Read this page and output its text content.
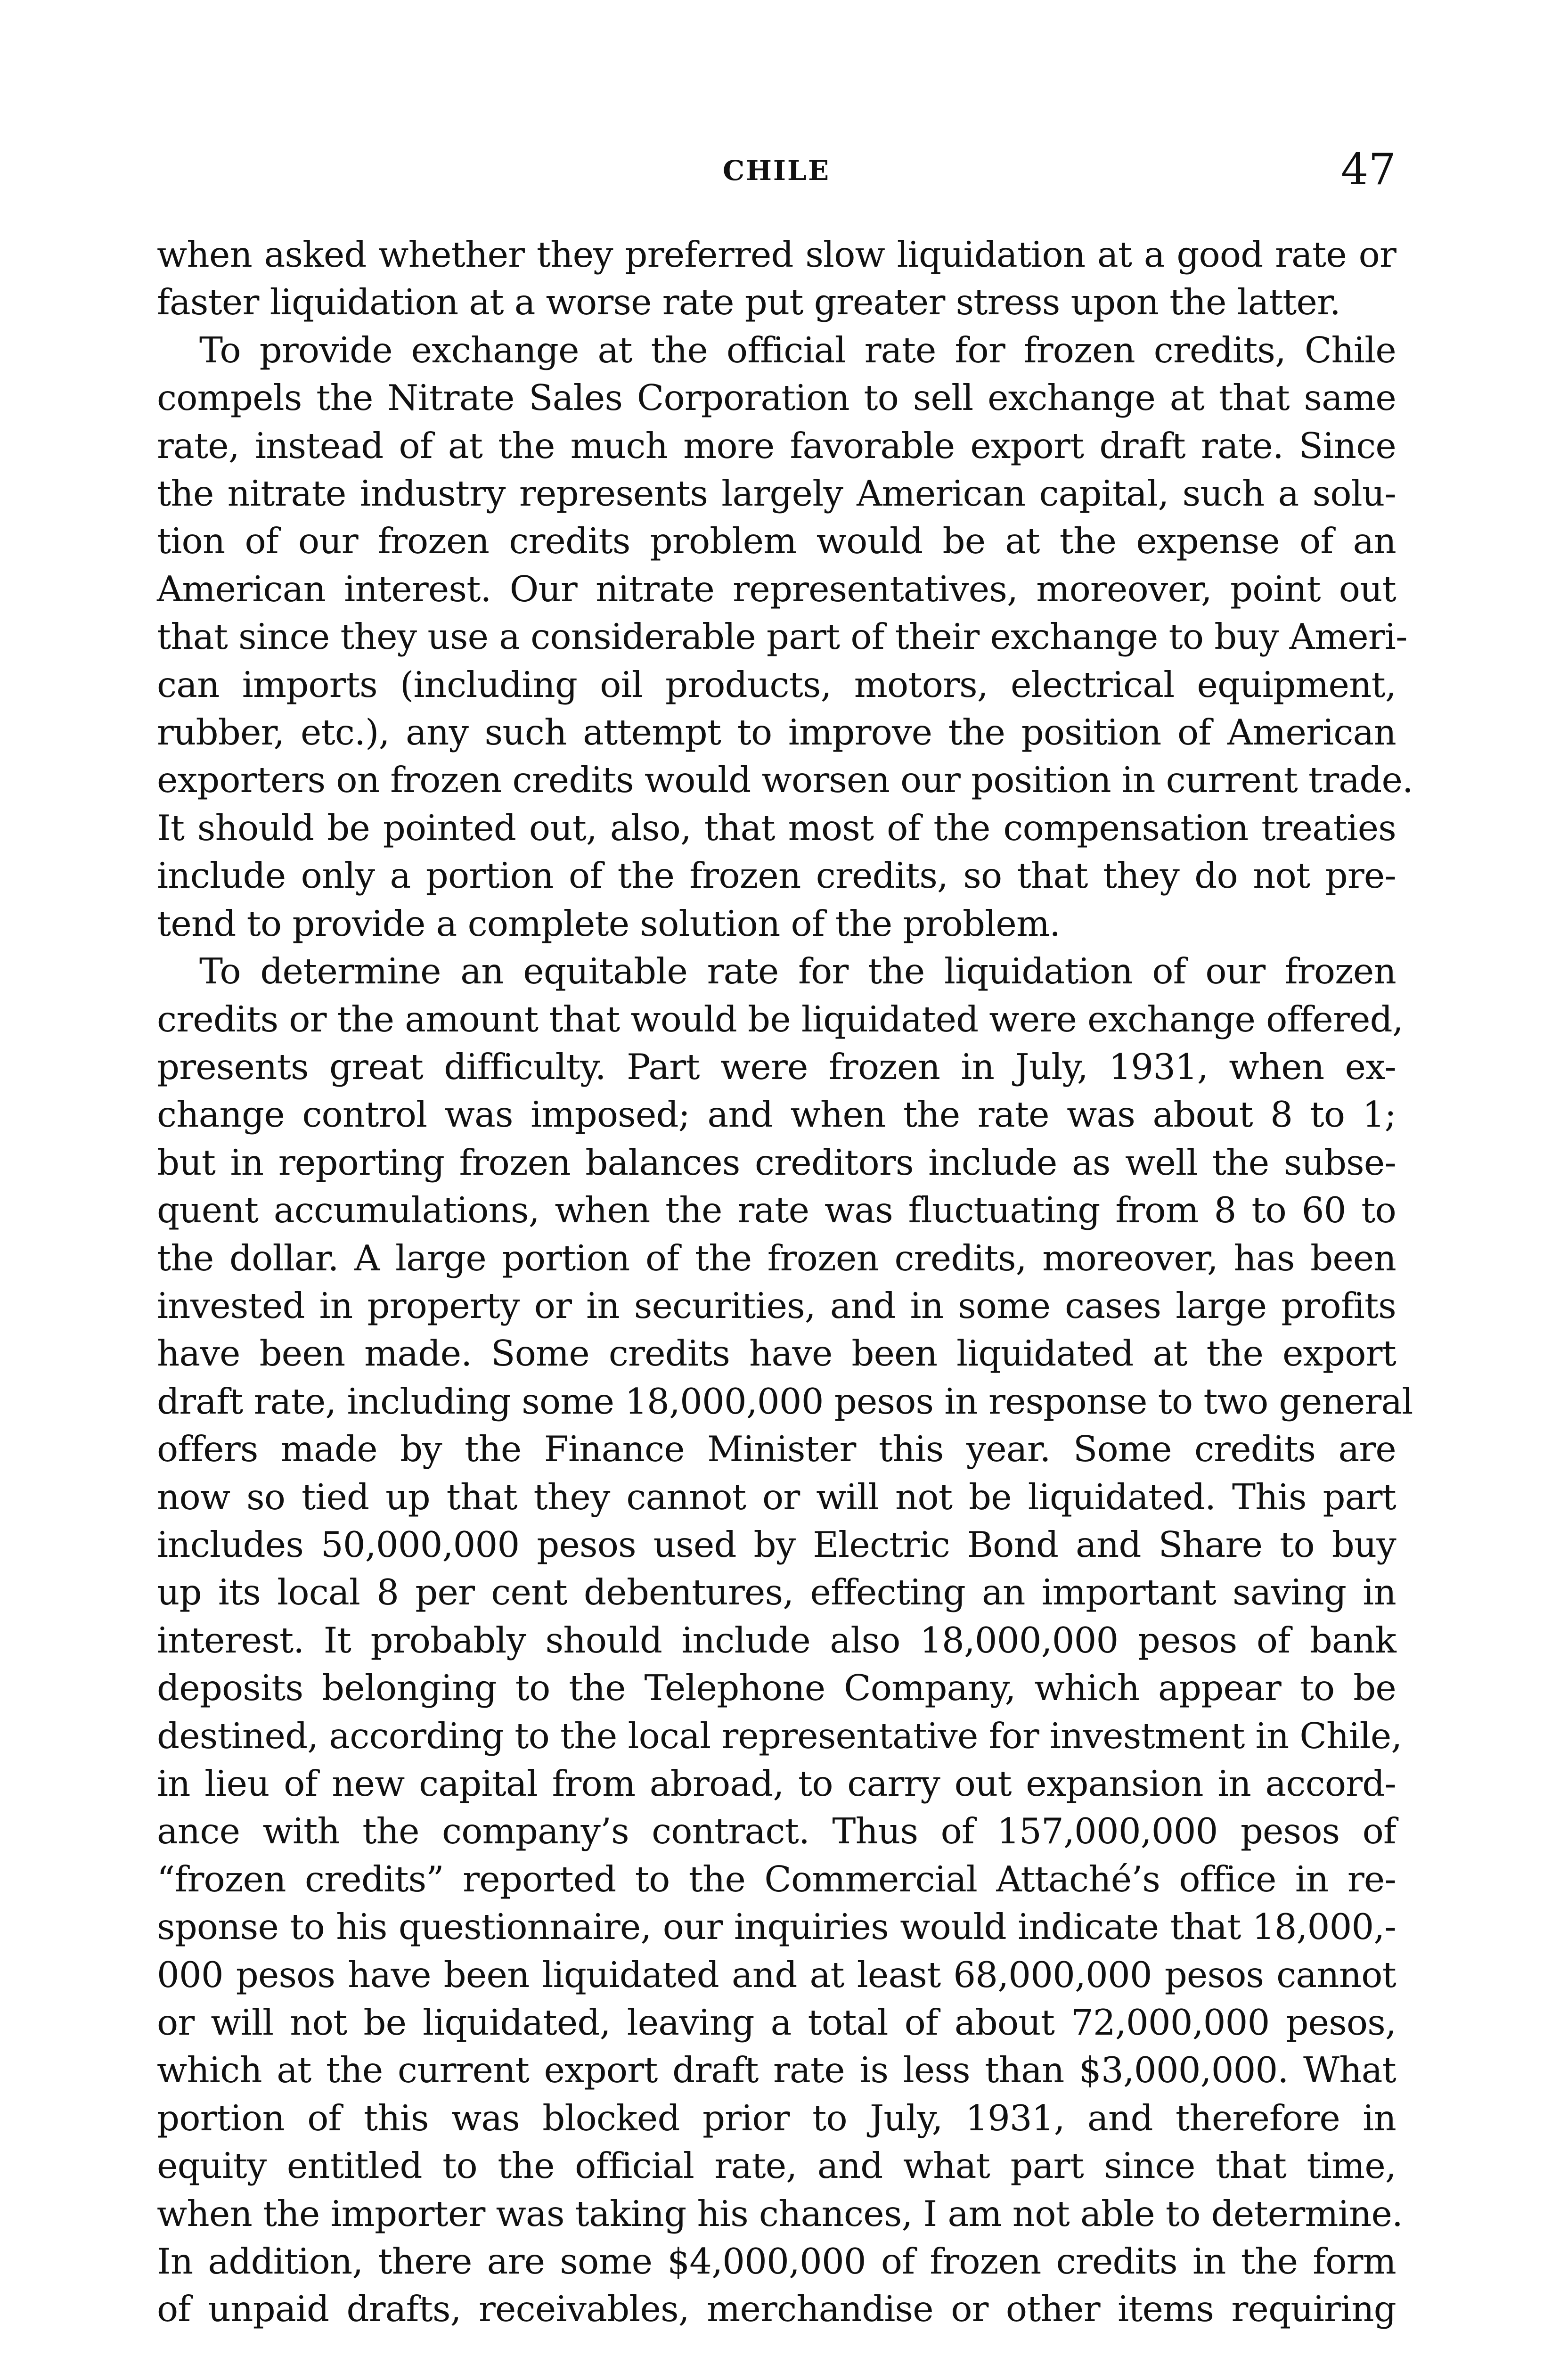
CHILE	47

when asked whether they preferred slow liquidation at a good rate or
faster liquidation at a worse rate put greater stress upon the latter.

To provide exchange at the official rate for frozen credits, Chile
compels the Nitrate Sales Corporation to sell exchange at that same
rate, instead of at the much more favorable export draft rate. Since
the nitrate industry represents largely American capital, such a solu-
tion of our frozen credits problem would be at the expense of an
American interest. Our nitrate representatives, moreover, point out
that since they use a considerable part of their exchange to buy Ameri-
can imports (including oil products, motors, electrical equipment,
rubber, etc.), any such attempt to improve the position of American
exporters on frozen credits would worsen our position in current trade.
It should be pointed out, also, that most of the compensation treaties
include only a portion of the frozen credits, so that they do not pre-
tend to provide a complete solution of the problem.

To determine an equitable rate for the liquidation of our frozen
credits or the amount that would be liquidated were exchange offered,
presents great difficulty. Part were frozen in July, 1931, when ex-
change control was imposed; and when the rate was about 8 to 1;
but in reporting frozen balances creditors include as well the subse-
quent accumulations, when the rate was fluctuating from 8 to 60 to
the dollar. A large portion of the frozen credits, moreover, has been
invested in property or in securities, and in some cases large profits
have been made. Some credits have been liquidated at the export
draft rate, including some 18,000,000 pesos in response to two general
offers made by the Finance Minister this year. Some credits are
now so tied up that they cannot or will not be liquidated. This part
includes 50,000,000 pesos used by Electric Bond and Share to buy
up its local 8 per cent debentures, effecting an important saving in
interest. It probably should include also 18,000,000 pesos of bank
deposits belonging to the Telephone Company, which appear to be
destined, according to the local representative for investment in Chile,
in lieu of new capital from abroad, to carry out expansion in accord-
ance with the company’s contract. Thus of 157,000,000 pesos of
“frozen credits” reported to the Commercial Attaché’s office in re-
sponse to his questionnaire, our inquiries would indicate that 18,000,-
000 pesos have been liquidated and at least 68,000,000 pesos cannot
or will not be liquidated, leaving a total of about 72,000,000 pesos,
which at the current export draft rate is less than $3,000,000. What
portion of this was blocked prior to July, 1931, and therefore in
equity entitled to the official rate, and what part since that time,
when the importer was taking his chances, I am not able to determine.
In addition, there are some $4,000,000 of frozen credits in the form
of unpaid drafts, receivables, merchandise or other items requiring
